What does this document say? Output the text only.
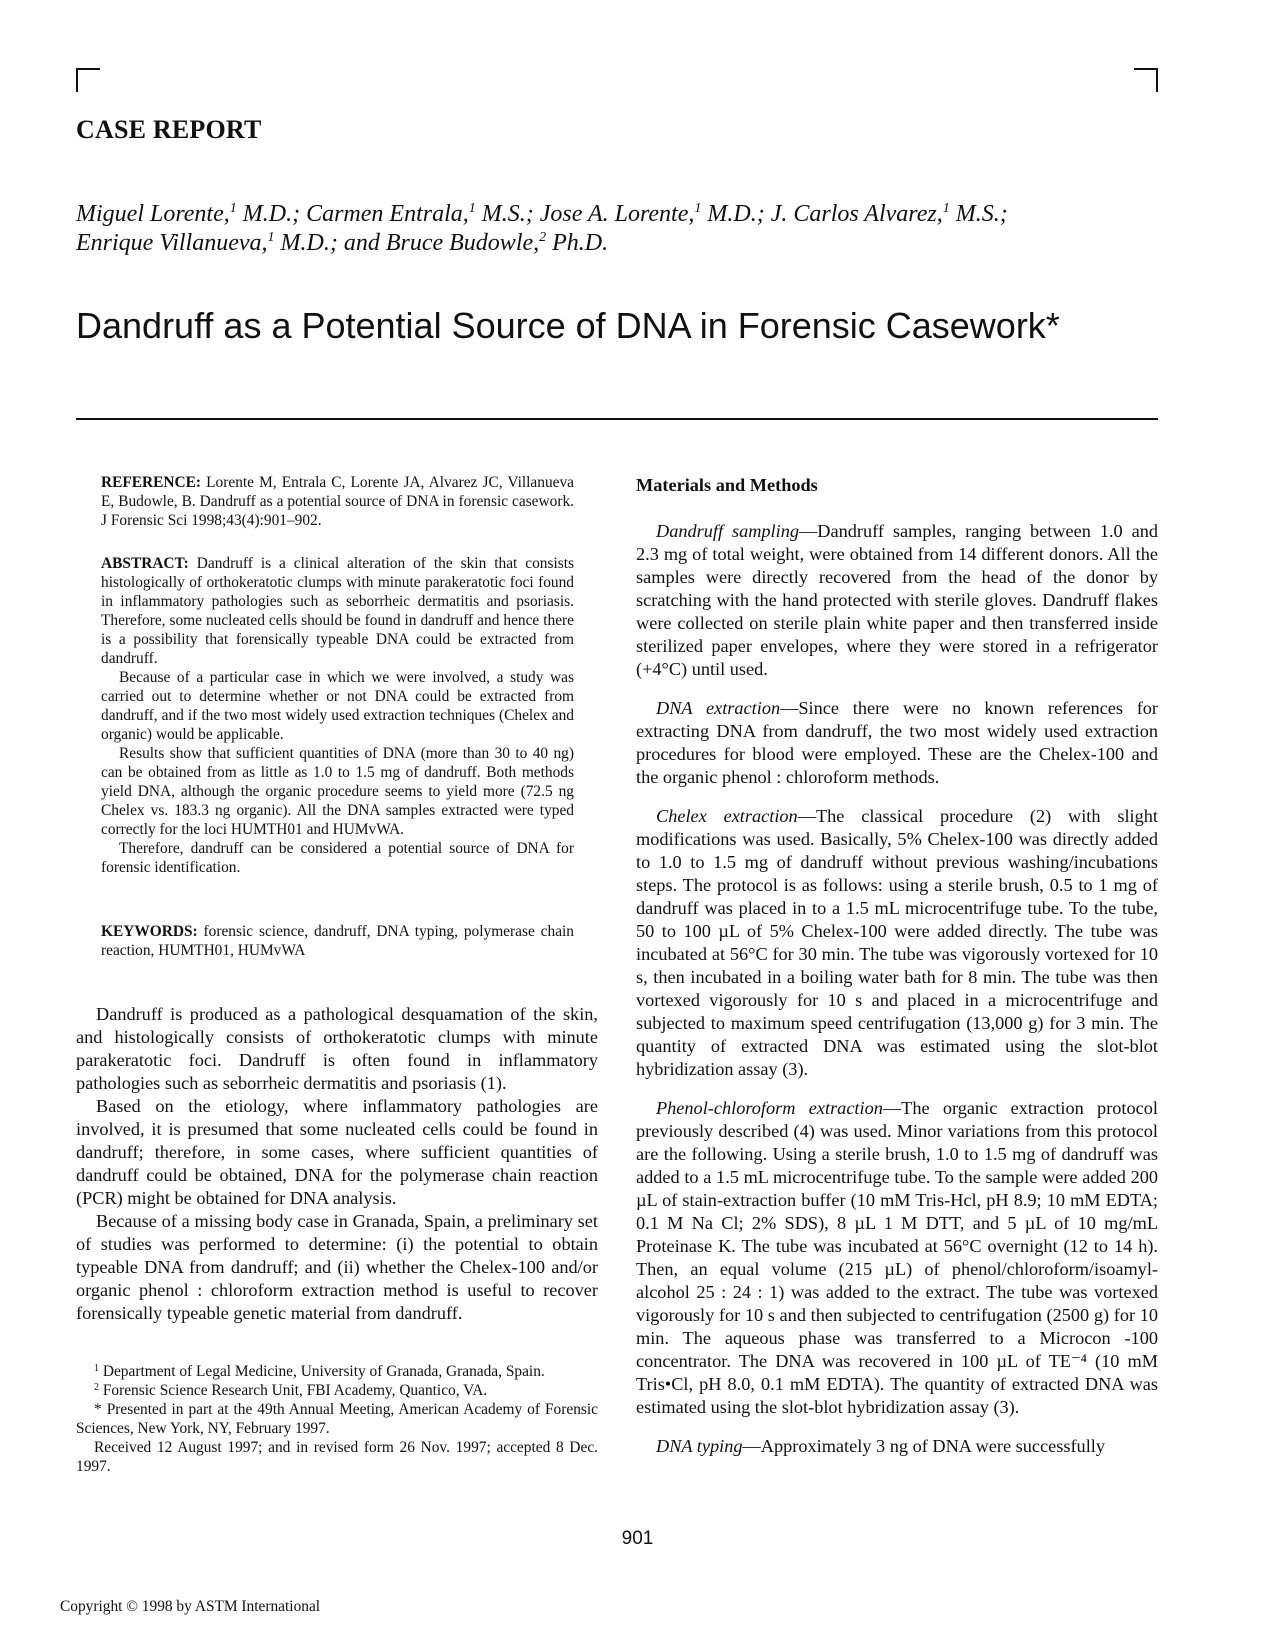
CASE REPORT
Miguel Lorente,$^1$ M.D.; Carmen Entrala,$^1$ M.S.; Jose A. Lorente,$^1$ M.D.; J. Carlos Alvarez,$^1$ M.S.;
Enrique Villanueva,$^1$ M.D.; and Bruce Budowle,$^2$ Ph.D.
Dandruff as a Potential Source of DNA in Forensic Casework*

REFERENCE: Lorente M, Entrala C, Lorente JA, Alvarez JC, Villanueva E, Budowle, B. Dandruff as a potential source of DNA in forensic casework. J Forensic Sci 1998;43(4):901–902.

ABSTRACT: Dandruff is a clinical alteration of the skin that consists histologically of orthokeratotic clumps with minute parakeratotic foci found in inflammatory pathologies such as seborrheic dermatitis and psoriasis. Therefore, some nucleated cells should be found in dandruff and hence there is a possibility that forensically typeable DNA could be extracted from dandruff.

Because of a particular case in which we were involved, a study was carried out to determine whether or not DNA could be extracted from dandruff, and if the two most widely used extraction techniques (Chelex and organic) would be applicable.

Results show that sufficient quantities of DNA (more than 30 to 40 ng) can be obtained from as little as 1.0 to 1.5 mg of dandruff. Both methods yield DNA, although the organic procedure seems to yield more (72.5 ng Chelex vs. 183.3 ng organic). All the DNA samples extracted were typed correctly for the loci HUMTH01 and HUMvWA.

Therefore, dandruff can be considered a potential source of DNA for forensic identification.

KEYWORDS: forensic science, dandruff, DNA typing, polymerase chain reaction, HUMTH01, HUMvWA

Dandruff is produced as a pathological desquamation of the skin, and histologically consists of orthokeratotic clumps with minute parakeratotic foci. Dandruff is often found in inflammatory pathologies such as seborrheic dermatitis and psoriasis (1).

Based on the etiology, where inflammatory pathologies are involved, it is presumed that some nucleated cells could be found in dandruff; therefore, in some cases, where sufficient quantities of dandruff could be obtained, DNA for the polymerase chain reaction (PCR) might be obtained for DNA analysis.

Because of a missing body case in Granada, Spain, a preliminary set of studies was performed to determine: (i) the potential to obtain typeable DNA from dandruff; and (ii) whether the Chelex-100 and/or organic phenol : chloroform extraction method is useful to recover forensically typeable genetic material from dandruff.

$^1$ Department of Legal Medicine, University of Granada, Granada, Spain.

$^2$ Forensic Science Research Unit, FBI Academy, Quantico, VA.

* Presented in part at the 49th Annual Meeting, American Academy of Forensic Sciences, New York, NY, February 1997.

Received 12 August 1997; and in revised form 26 Nov. 1997; accepted 8 Dec. 1997.

Materials and Methods

Dandruff sampling—Dandruff samples, ranging between 1.0 and 2.3 mg of total weight, were obtained from 14 different donors. All the samples were directly recovered from the head of the donor by scratching with the hand protected with sterile gloves. Dandruff flakes were collected on sterile plain white paper and then transferred inside sterilized paper envelopes, where they were stored in a refrigerator (+4°C) until used.

DNA extraction—Since there were no known references for extracting DNA from dandruff, the two most widely used extraction procedures for blood were employed. These are the Chelex-100 and the organic phenol : chloroform methods.

Chelex extraction—The classical procedure (2) with slight modifications was used. Basically, 5% Chelex-100 was directly added to 1.0 to 1.5 mg of dandruff without previous washing/incubations steps. The protocol is as follows: using a sterile brush, 0.5 to 1 mg of dandruff was placed in to a 1.5 mL microcentrifuge tube. To the tube, 50 to 100 µL of 5% Chelex-100 were added directly. The tube was incubated at 56°C for 30 min. The tube was vigorously vortexed for 10 s, then incubated in a boiling water bath for 8 min. The tube was then vortexed vigorously for 10 s and placed in a microcentrifuge and subjected to maximum speed centrifugation (13,000 g) for 3 min. The quantity of extracted DNA was estimated using the slot-blot hybridization assay (3).

Phenol-chloroform extraction—The organic extraction protocol previously described (4) was used. Minor variations from this protocol are the following. Using a sterile brush, 1.0 to 1.5 mg of dandruff was added to a 1.5 mL microcentrifuge tube. To the sample were added 200 µL of stain-extraction buffer (10 mM Tris-Hcl, pH 8.9; 10 mM EDTA; 0.1 M Na Cl; 2% SDS), 8 µL 1 M DTT, and 5 µL of 10 mg/mL Proteinase K. The tube was incubated at 56°C overnight (12 to 14 h). Then, an equal volume (215 µL) of phenol/chloroform/isoamyl-alcohol 25 : 24 : 1) was added to the extract. The tube was vortexed vigorously for 10 s and then subjected to centrifugation (2500 g) for 10 min. The aqueous phase was transferred to a Microcon -100 concentrator. The DNA was recovered in 100 µL of TE⁻⁴ (10 mM Tris•Cl, pH 8.0, 0.1 mM EDTA). The quantity of extracted DNA was estimated using the slot-blot hybridization assay (3).

DNA typing—Approximately 3 ng of DNA were successfully

901
Copyright © 1998 by ASTM International
